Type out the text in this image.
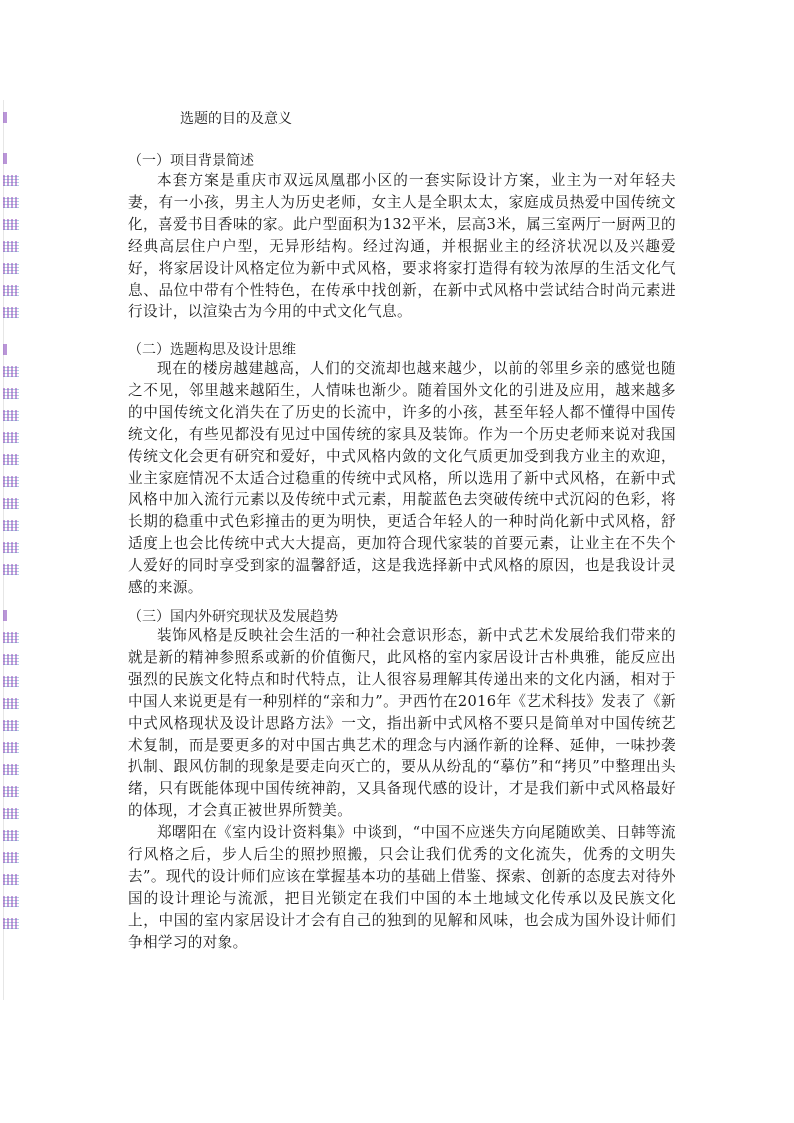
选题的目的及意义
（一）项目背景简述
本套方案是重庆市双远凤凰郡小区的一套实际设计方案，业主为一对年轻夫妻，有一小孩，男主人为历史老师，女主人是全职太太，家庭成员热爱中国传统文化，喜爱书目香味的家。此户型面积为132平米，层高3米，属三室两厅一厨两卫的经典高层住户户型，无异形结构。经过沟通，并根据业主的经济状况以及兴趣爱好，将家居设计风格定位为新中式风格，要求将家打造得有较为浓厚的生活文化气息、品位中带有个性特色，在传承中找创新，在新中式风格中尝试结合时尚元素进行设计，以渲染古为今用的中式文化气息。
（二）选题构思及设计思维
现在的楼房越建越高，人们的交流却也越来越少，以前的邻里乡亲的感觉也随之不见，邻里越来越陌生，人情味也渐少。随着国外文化的引进及应用，越来越多的中国传统文化消失在了历史的长流中，许多的小孩，甚至年轻人都不懂得中国传统文化，有些见都没有见过中国传统的家具及装饰。作为一个历史老师来说对我国传统文化会更有研究和爱好，中式风格内敛的文化气质更加受到我方业主的欢迎，业主家庭情况不太适合过稳重的传统中式风格，所以选用了新中式风格，在新中式风格中加入流行元素以及传统中式元素，用靛蓝色去突破传统中式沉闷的色彩，将长期的稳重中式色彩撞击的更为明快，更适合年轻人的一种时尚化新中式风格，舒适度上也会比传统中式大大提高，更加符合现代家装的首要元素，让业主在不失个人爱好的同时享受到家的温馨舒适，这是我选择新中式风格的原因，也是我设计灵感的来源。
（三）国内外研究现状及发展趋势
装饰风格是反映社会生活的一种社会意识形态，新中式艺术发展给我们带来的就是新的精神参照系或新的价值衡尺，此风格的室内家居设计古朴典雅，能反应出强烈的民族文化特点和时代特点，让人很容易理解其传递出来的文化内涵，相对于中国人来说更是有一种别样的“亲和力”。尹西竹在2016年《艺术科技》发表了《新中式风格现状及设计思路方法》一文，指出新中式风格不要只是简单对中国传统艺术复制，而是要更多的对中国古典艺术的理念与内涵作新的诠释、延伸，一味抄袭扒制、跟风仿制的现象是要走向灭亡的，要从从纷乱的“摹仿”和“拷贝”中整理出头绪，只有既能体现中国传统神韵，又具备现代感的设计，才是我们新中式风格最好的体现，才会真正被世界所赞美。
郑曙阳在《室内设计资料集》中谈到，“中国不应迷失方向尾随欧美、日韩等流行风格之后，步人后尘的照抄照搬，只会让我们优秀的文化流失，优秀的文明失去”。现代的设计师们应该在掌握基本功的基础上借鉴、探索、创新的态度去对待外国的设计理论与流派，把目光锁定在我们中国的本土地域文化传承以及民族文化上，中国的室内家居设计才会有自己的独到的见解和风味，也会成为国外设计师们争相学习的对象。
